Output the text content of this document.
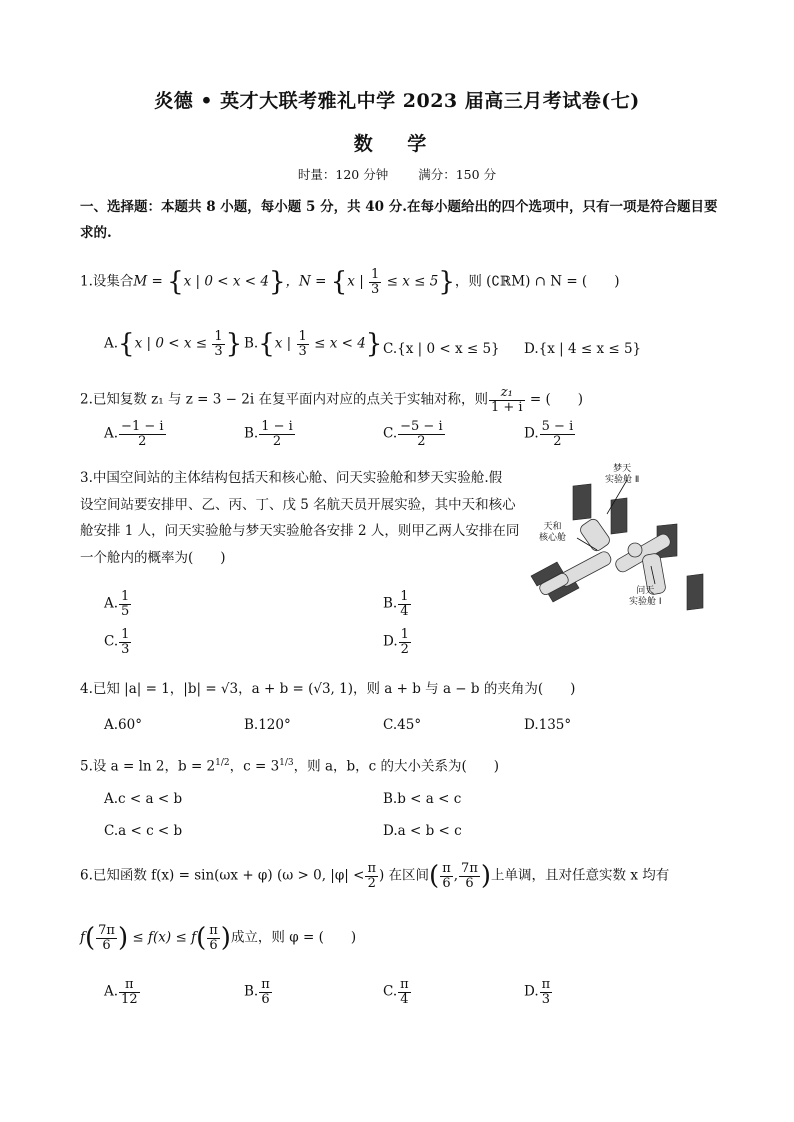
炎德 • 英才大联考雅礼中学 2023 届高三月考试卷(七)
数 学
时量：120 分钟 满分：150 分
一、选择题：本题共 8 小题，每小题 5 分，共 40 分.在每小题给出的四个选项中，只有一项是符合题目要
求的.
1.设集合M = {x | 0 < x < 4}，N = {x | $\frac{1}{3} \le x \le 5$}，则 (∁ℝM) ∩ N = (　　)
A.{x | $0 < x \le \frac{1}{3}$ } B.{x | $\frac{1}{3} \le x < 4$} C.{x | 0 < x ≤ 5} D.{x | 4 ≤ x ≤ 5}
2.已知复数 z₁ 与 z = 3 − 2i 在复平面内对应的点关于实轴对称，则 $\frac{\text{z₁}}{1 + i}$ = (　　)
A. $\frac{-1 - i}{2}$	B. $\frac{1 - i}{2}$	C. $\frac{-5 - i}{2}$	D. $\frac{5 - i}{2}$
3.中国空间站的主体结构包括天和核心舱、问天实验舱和梦天实验舱.假
设空间站要安排甲、乙、丙、丁、戊 5 名航天员开展实验，其中天和核心
舱安排 1 人，问天实验舱与梦天实验舱各安排 2 人，则甲乙两人安排在同
一个舱内的概率为(　　)
A. $\frac{1}{5}$	B. $\frac{1}{4}$
C. $\frac{1}{3}$	D. $\frac{1}{2}$
梦天
实验舱 Ⅱ
天和
核心舱
问天
实验舱 Ⅰ
4.已知 |a| = 1，|b| = √3，a + b = (√3, 1)，则 a + b 与 a − b 的夹角为(　　)
A.60°	B.120°	C.45°	D.135°
5.设 a = ln 2，$b = 2^{1/2}$，$c = 3^{1/3}$，则 a，b，c 的大小关系为(　　)
A.c < a < b	B.b < a < c
C.a < c < b	D.a < b < c
6.已知函数 f(x) = sin(ωx + φ) (ω > 0, $|\varphi| < \frac{\pi}{2}$ ) 在区间( $\frac{\pi}{6}$ , $\frac{7\pi}{6}$ )上单调，且对任意实数 x 均有
$f( \frac{7\pi}{6}$ ) ≤ $f(x) \le f( \frac{\pi}{6}$ )成立，则 φ = (　　)
A. $\frac{\pi}{12}$	B. $\frac{\pi}{6}$	C. $\frac{\pi}{4}$	D. $\frac{\pi}{3}$
